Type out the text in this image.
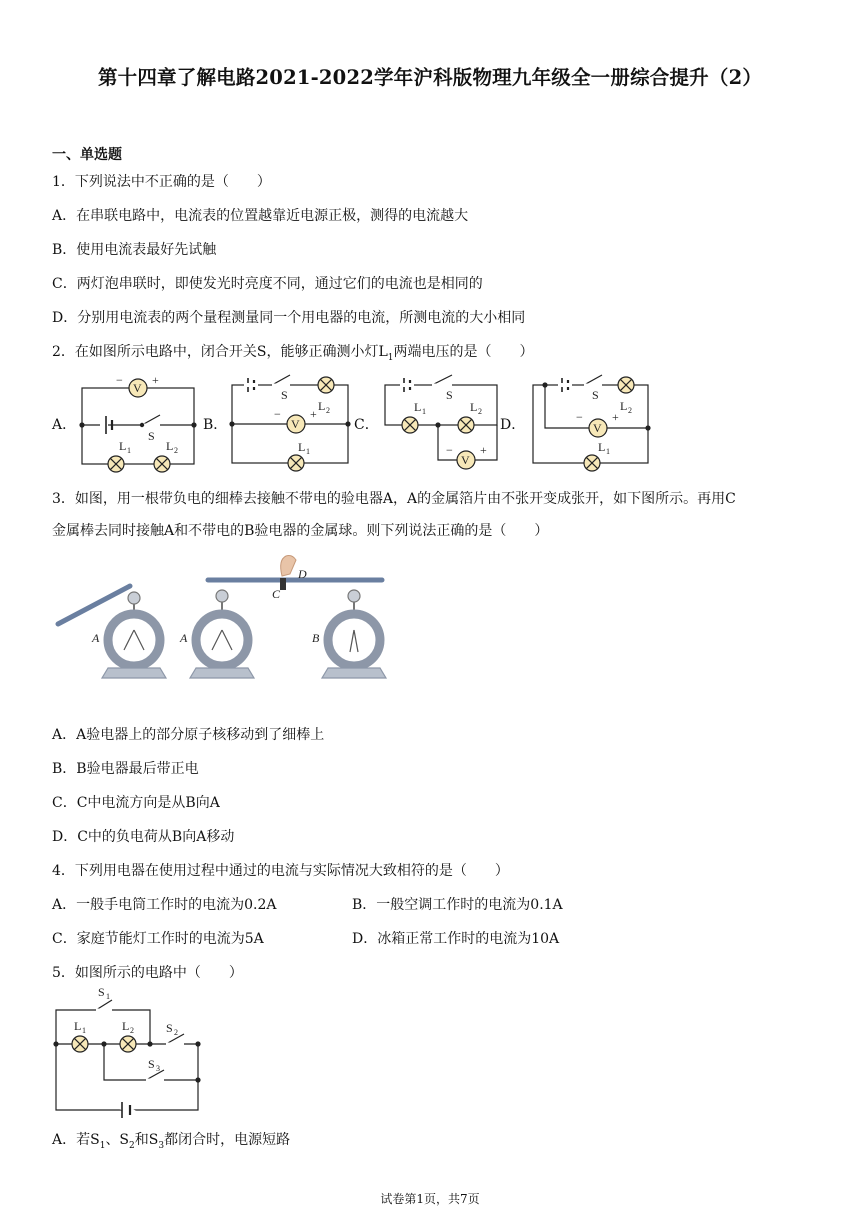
第十四章了解电路2021-2022学年沪科版物理九年级全一册综合提升（2）
一、单选题
1．下列说法中不正确的是（　　）
A．在串联电路中，电流表的位置越靠近电源正极，测得的电流越大
B．使用电流表最好先试触
C．两灯泡串联时，即使发光时亮度不同，通过它们的电流也是相同的
D．分别用电流表的两个量程测量同一个用电器的电流，所测电流的大小相同
2．在如图所示电路中，闭合开关S，能够正确测小灯$L_1$两端电压的是（　　）
A．	B．	C．	D．
V
− +
S
L 1	L 2
S
L 2
V
− +
L 1
S
L 1	L 2
V
− +
S
L 2
V
− +
L 1
A	A	B
C
D
S 1
L 1	L 2	S 2
S 3
3．如图，用一根带负电的细棒去接触不带电的验电器A，A的金属箔片由不张开变成张开，如下图所示。再用C
金属棒去同时接触A和不带电的B验电器的金属球。则下列说法正确的是（　　）
A．A验电器上的部分原子核移动到了细棒上
B．B验电器最后带正电
C．C中电流方向是从B向A
D．C中的负电荷从B向A移动
4．下列用电器在使用过程中通过的电流与实际情况大致相符的是（　　）
A．一般手电筒工作时的电流为0.2A	B．一般空调工作时的电流为0.1A
C．家庭节能灯工作时的电流为5A	D．冰箱正常工作时的电流为10A
5．如图所示的电路中（　　）
A．若$S_1$、$S_2$和$S_3$都闭合时，电源短路
试卷第1页，共7页
